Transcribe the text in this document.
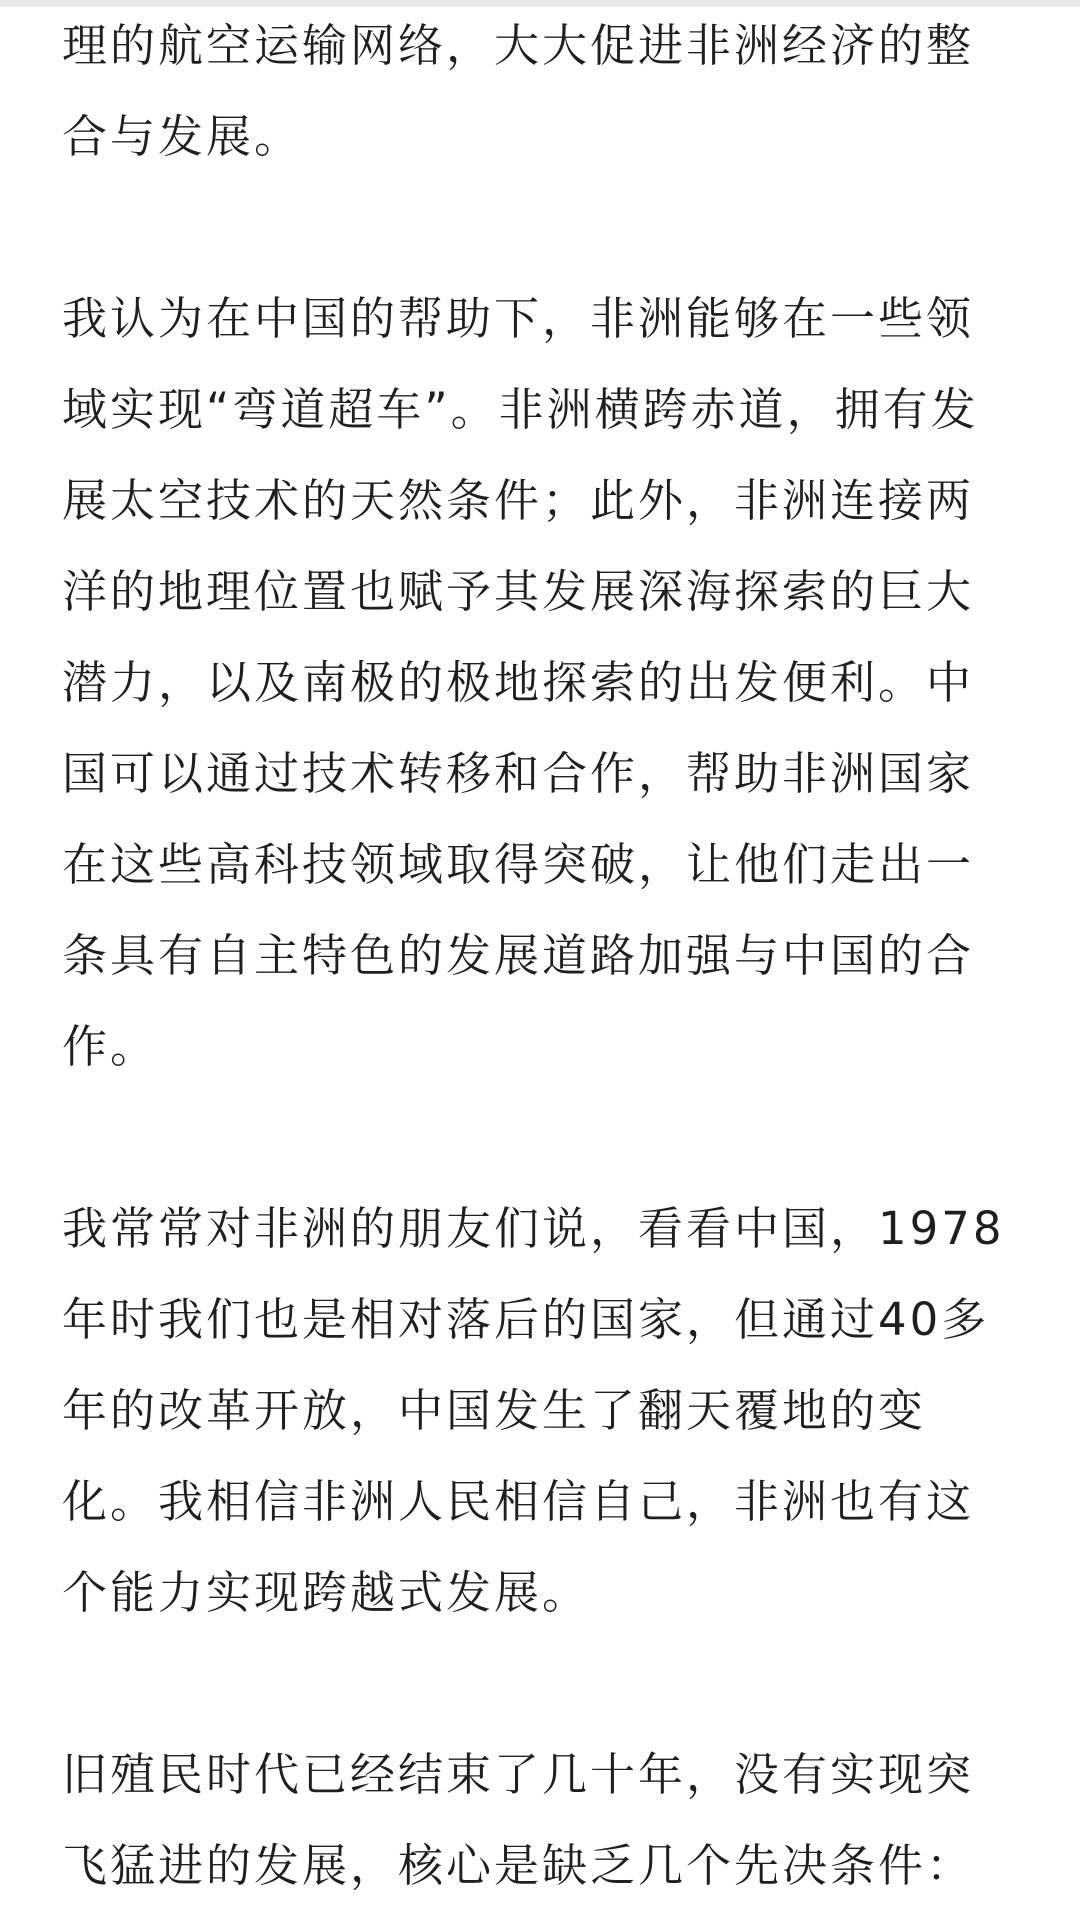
理的航空运输网络，大大促进非洲经济的整
合与发展。

我认为在中国的帮助下，非洲能够在一些领
域实现“弯道超车”。非洲横跨赤道，拥有发
展太空技术的天然条件；此外，非洲连接两
洋的地理位置也赋予其发展深海探索的巨大
潜力，以及南极的极地探索的出发便利。中
国可以通过技术转移和合作，帮助非洲国家
在这些高科技领域取得突破，让他们走出一
条具有自主特色的发展道路加强与中国的合
作。

我常常对非洲的朋友们说，看看中国，1978
年时我们也是相对落后的国家，但通过40多
年的改革开放，中国发生了翻天覆地的变
化。我相信非洲人民相信自己，非洲也有这
个能力实现跨越式发展。

旧殖民时代已经结束了几十年，没有实现突
飞猛进的发展，核心是缺乏几个先决条件：
